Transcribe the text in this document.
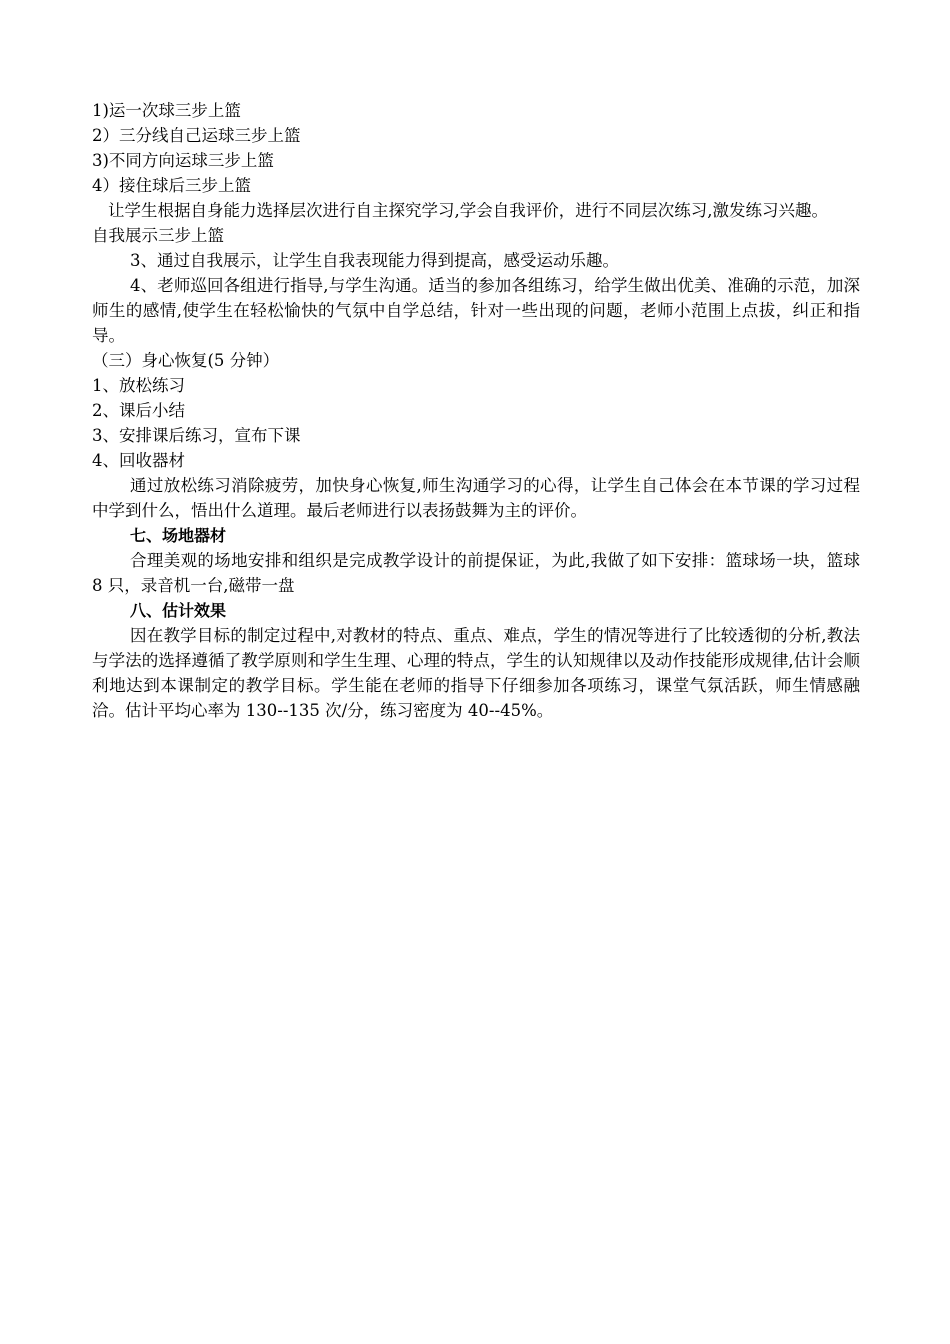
1)运一次球三步上篮

2）三分线自己运球三步上篮

3)不同方向运球三步上篮

4）接住球后三步上篮

让学生根据自身能力选择层次进行自主探究学习,学会自我评价，进行不同层次练习,激发练习兴趣。

自我展示三步上篮

3、通过自我展示，让学生自我表现能力得到提高，感受运动乐趣。

4、老师巡回各组进行指导,与学生沟通。适当的参加各组练习，给学生做出优美、准确的示范，加深师生的感情,使学生在轻松愉快的气氛中自学总结，针对一些出现的问题，老师小范围上点拔，纠正和指导。

（三）身心恢复(5 分钟）

1、放松练习

2、课后小结

3、安排课后练习，宣布下课

4、回收器材

通过放松练习消除疲劳，加快身心恢复,师生沟通学习的心得，让学生自己体会在本节课的学习过程中学到什么，悟出什么道理。最后老师进行以表扬鼓舞为主的评价。

七、场地器材

合理美观的场地安排和组织是完成教学设计的前提保证，为此,我做了如下安排：篮球场一块，篮球 8 只，录音机一台,磁带一盘

八、估计效果

因在教学目标的制定过程中,对教材的特点、重点、难点，学生的情况等进行了比较透彻的分析,教法与学法的选择遵循了教学原则和学生生理、心理的特点，学生的认知规律以及动作技能形成规律,估计会顺利地达到本课制定的教学目标。学生能在老师的指导下仔细参加各项练习，课堂气氛活跃，师生情感融洽。估计平均心率为 130--135 次/分，练习密度为 40--45%。
